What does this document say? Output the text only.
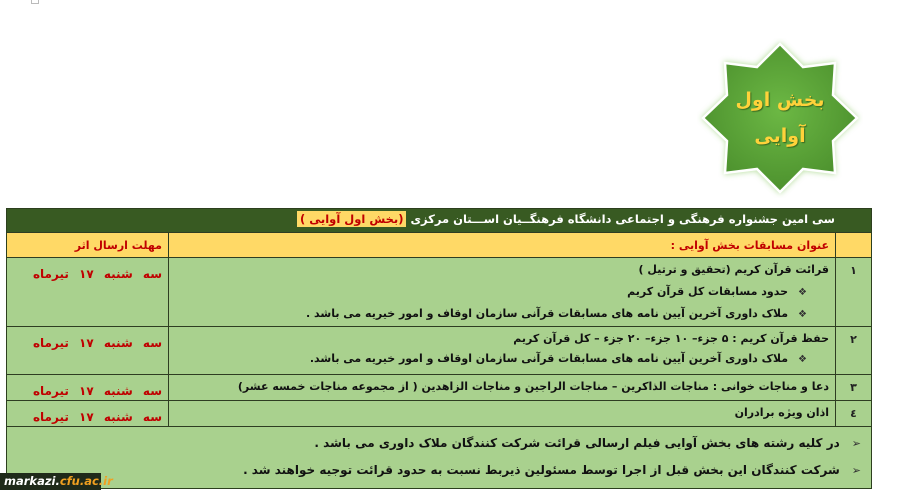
بخش اول
آوایی
سی امین جشنواره فرهنگی و اجتماعی دانشگاه فرهنگــیان اســـتان مرکزی (بخش اول آوایی )
عنوان مسابقات بخش آوایی :
مهلت ارسال اثر
۱
قرائت قرآن کریم (تحقیق و ترتیل )
❖حدود مسابقات کل قرآن کریم
❖ملاک داوری آخرین آیین نامه های مسابقات قرآنی سازمان اوقاف و امور خیریه می باشد .
سه شنبه ۱۷ تیرماه
۲
حفظ قرآن کریم : ۵ جزء– ۱۰ جزء– ۲۰ جزء – کل قرآن کریم
❖ملاک داوری آخرین آیین نامه های مسابقات قرآنی سازمان اوقاف و امور خیریه می باشد.
سه شنبه ۱۷ تیرماه
۳
دعا و مناجات خوانی : مناجات الذاکرین – مناجات الراجین و مناجات الزاهدین ( از مجموعه مناجات خمسه عشر)
سه شنبه ۱۷ تیرماه
٤
اذان ویژه برادران
سه شنبه ۱۷ تیرماه
➢در کلیه رشته های بخش آوایی فیلم ارسالی قرائت شرکت کنندگان ملاک داوری می باشد .
➢شرکت کنندگان این بخش قبل از اجرا توسط مسئولین ذیربط نسبت به حدود قرائت توجیه خواهند شد .
markazi.cfu.ac.ir
